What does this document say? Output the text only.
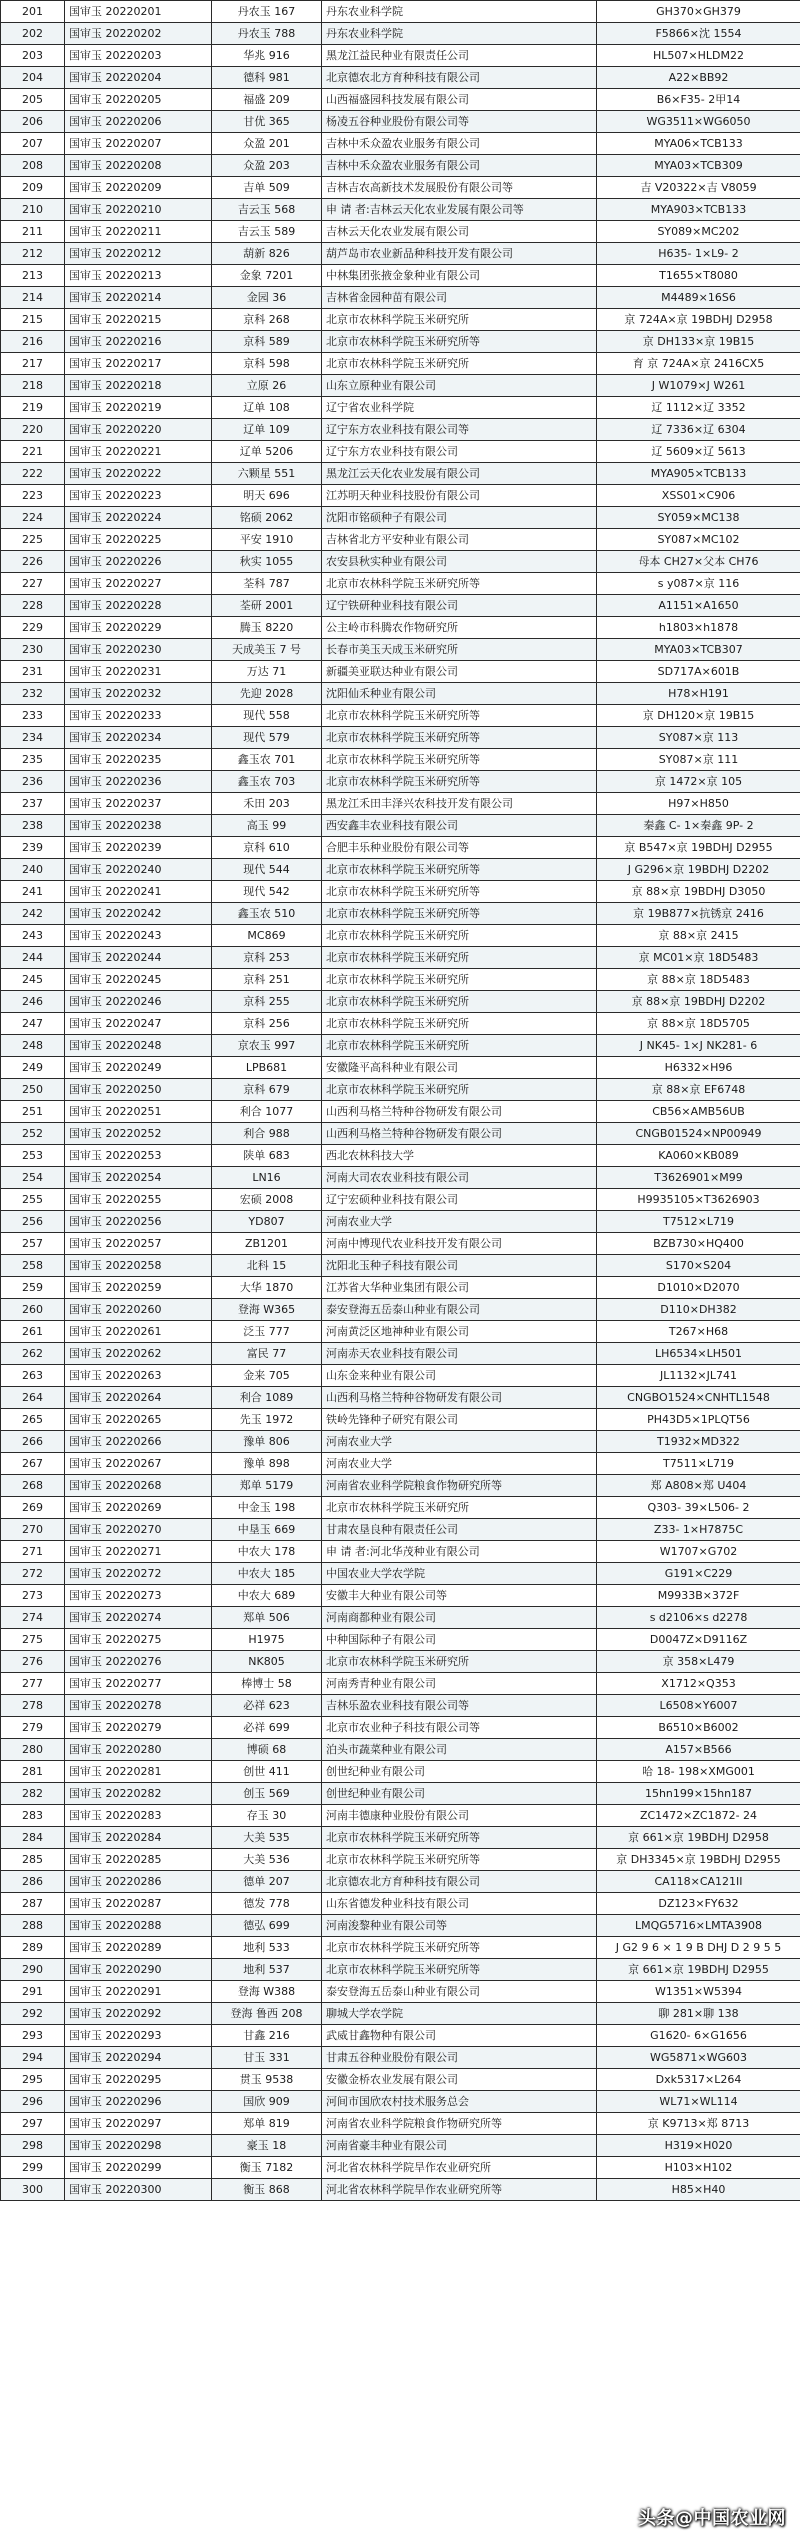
201	国审玉 20220201	丹农玉 167	丹东农业科学院	GH370×GH379
202	国审玉 20220202	丹农玉 788	丹东农业科学院	F5866×沈 1554
203	国审玉 20220203	华兆 916	黑龙江益民种业有限责任公司	HL507×HLDM22
204	国审玉 20220204	德科 981	北京德农北方育种科技有限公司	A22×BB92
205	国审玉 20220205	福盛 209	山西福盛园科技发展有限公司	B6×F35- 2甲14
206	国审玉 20220206	甘优 365	杨凌五谷种业股份有限公司等	WG3511×WG6050
207	国审玉 20220207	众盈 201	吉林中禾众盈农业服务有限公司	MYA06×TCB133
208	国审玉 20220208	众盈 203	吉林中禾众盈农业服务有限公司	MYA03×TCB309
209	国审玉 20220209	吉单 509	吉林吉农高新技术发展股份有限公司等	吉 V20322×吉 V8059
210	国审玉 20220210	吉云玉 568	申 请 者:吉林云天化农业发展有限公司等	MYA903×TCB133
211	国审玉 20220211	吉云玉 589	吉林云天化农业发展有限公司	SY089×MC202
212	国审玉 20220212	葫新 826	葫芦岛市农业新品种科技开发有限公司	H635- 1×L9- 2
213	国审玉 20220213	金象 7201	中林集团张掖金象种业有限公司	T1655×T8080
214	国审玉 20220214	金园 36	吉林省金园种苗有限公司	M4489×16S6
215	国审玉 20220215	京科 268	北京市农林科学院玉米研究所	京 724A×京 19BDHJ D2958
216	国审玉 20220216	京科 589	北京市农林科学院玉米研究所等	京 DH133×京 19B15
217	国审玉 20220217	京科 598	北京市农林科学院玉米研究所	育 京 724A×京 2416CX5
218	国审玉 20220218	立原 26	山东立原种业有限公司	J W1079×J W261
219	国审玉 20220219	辽单 108	辽宁省农业科学院	辽 1112×辽 3352
220	国审玉 20220220	辽单 109	辽宁东方农业科技有限公司等	辽 7336×辽 6304
221	国审玉 20220221	辽单 5206	辽宁东方农业科技有限公司	辽 5609×辽 5613
222	国审玉 20220222	六颗星 551	黑龙江云天化农业发展有限公司	MYA905×TCB133
223	国审玉 20220223	明天 696	江苏明天种业科技股份有限公司	XSS01×C906
224	国审玉 20220224	铭硕 2062	沈阳市铭硕种子有限公司	SY059×MC138
225	国审玉 20220225	平安 1910	吉林省北方平安种业有限公司	SY087×MC102
226	国审玉 20220226	秋实 1055	农安县秋实种业有限公司	母本 CH27×父本 CH76
227	国审玉 20220227	荃科 787	北京市农林科学院玉米研究所等	s y087×京 116
228	国审玉 20220228	荃研 2001	辽宁铁研种业科技有限公司	A1151×A1650
229	国审玉 20220229	腾玉 8220	公主岭市科腾农作物研究所	h1803×h1878
230	国审玉 20220230	天成美玉 7 号	长春市美玉天成玉米研究所	MYA03×TCB307
231	国审玉 20220231	万达 71	新疆美亚联达种业有限公司	SD717A×601B
232	国审玉 20220232	先迎 2028	沈阳仙禾种业有限公司	H78×H191
233	国审玉 20220233	现代 558	北京市农林科学院玉米研究所等	京 DH120×京 19B15
234	国审玉 20220234	现代 579	北京市农林科学院玉米研究所等	SY087×京 113
235	国审玉 20220235	鑫玉农 701	北京市农林科学院玉米研究所等	SY087×京 111
236	国审玉 20220236	鑫玉农 703	北京市农林科学院玉米研究所等	京 1472×京 105
237	国审玉 20220237	禾田 203	黑龙江禾田丰泽兴农科技开发有限公司	H97×H850
238	国审玉 20220238	高玉 99	西安鑫丰农业科技有限公司	秦鑫 C- 1×秦鑫 9P- 2
239	国审玉 20220239	京科 610	合肥丰乐种业股份有限公司等	京 B547×京 19BDHJ D2955
240	国审玉 20220240	现代 544	北京市农林科学院玉米研究所等	J G296×京 19BDHJ D2202
241	国审玉 20220241	现代 542	北京市农林科学院玉米研究所等	京 88×京 19BDHJ D3050
242	国审玉 20220242	鑫玉农 510	北京市农林科学院玉米研究所等	京 19B877×抗锈京 2416
243	国审玉 20220243	MC869	北京市农林科学院玉米研究所	京 88×京 2415
244	国审玉 20220244	京科 253	北京市农林科学院玉米研究所	京 MC01×京 18D5483
245	国审玉 20220245	京科 251	北京市农林科学院玉米研究所	京 88×京 18D5483
246	国审玉 20220246	京科 255	北京市农林科学院玉米研究所	京 88×京 19BDHJ D2202
247	国审玉 20220247	京科 256	北京市农林科学院玉米研究所	京 88×京 18D5705
248	国审玉 20220248	京农玉 997	北京市农林科学院玉米研究所	J NK45- 1×J NK281- 6
249	国审玉 20220249	LPB681	安徽隆平高科种业有限公司	H6332×H96
250	国审玉 20220250	京科 679	北京市农林科学院玉米研究所	京 88×京 EF6748
251	国审玉 20220251	利合 1077	山西利马格兰特种谷物研发有限公司	CB56×AMB56UB
252	国审玉 20220252	利合 988	山西利马格兰特种谷物研发有限公司	CNGB01524×NP00949
253	国审玉 20220253	陕单 683	西北农林科技大学	KA060×KB089
254	国审玉 20220254	LN16	河南大司农农业科技有限公司	T3626901×M99
255	国审玉 20220255	宏硕 2008	辽宁宏硕种业科技有限公司	H9935105×T3626903
256	国审玉 20220256	YD807	河南农业大学	T7512×L719
257	国审玉 20220257	ZB1201	河南中博现代农业科技开发有限公司	BZB730×HQ400
258	国审玉 20220258	北科 15	沈阳北玉种子科技有限公司	S170×S204
259	国审玉 20220259	大华 1870	江苏省大华种业集团有限公司	D1010×D2070
260	国审玉 20220260	登海 W365	泰安登海五岳泰山种业有限公司	D110×DH382
261	国审玉 20220261	泛玉 777	河南黄泛区地神种业有限公司	T267×H68
262	国审玉 20220262	富民 77	河南赤天农业科技有限公司	LH6534×LH501
263	国审玉 20220263	金来 705	山东金来种业有限公司	JL1132×JL741
264	国审玉 20220264	利合 1089	山西利马格兰特种谷物研发有限公司	CNGBO1524×CNHTL1548
265	国审玉 20220265	先玉 1972	铁岭先锋种子研究有限公司	PH43D5×1PLQT56
266	国审玉 20220266	豫单 806	河南农业大学	T1932×MD322
267	国审玉 20220267	豫单 898	河南农业大学	T7511×L719
268	国审玉 20220268	郑单 5179	河南省农业科学院粮食作物研究所等	郑 A808×郑 U404
269	国审玉 20220269	中金玉 198	北京市农林科学院玉米研究所	Q303- 39×L506- 2
270	国审玉 20220270	中垦玉 669	甘肃农垦良种有限责任公司	Z33- 1×H7875C
271	国审玉 20220271	中农大 178	申 请 者:河北华茂种业有限公司	W1707×G702
272	国审玉 20220272	中农大 185	中国农业大学农学院	G191×C229
273	国审玉 20220273	中农大 689	安徽丰大种业有限公司等	M9933B×372F
274	国审玉 20220274	郑单 506	河南商都种业有限公司	s d2106×s d2278
275	国审玉 20220275	H1975	中种国际种子有限公司	D0047Z×D9116Z
276	国审玉 20220276	NK805	北京市农林科学院玉米研究所	京 358×L479
277	国审玉 20220277	棒博士 58	河南秀青种业有限公司	X1712×Q353
278	国审玉 20220278	必祥 623	吉林乐盈农业科技有限公司等	L6508×Y6007
279	国审玉 20220279	必祥 699	北京市农业种子科技有限公司等	B6510×B6002
280	国审玉 20220280	博硕 68	泊头市蔬菜种业有限公司	A157×B566
281	国审玉 20220281	创世 411	创世纪种业有限公司	哈 18- 198×XMG001
282	国审玉 20220282	创玉 569	创世纪种业有限公司	15hn199×15hn187
283	国审玉 20220283	存玉 30	河南丰德康种业股份有限公司	ZC1472×ZC1872- 24
284	国审玉 20220284	大美 535	北京市农林科学院玉米研究所等	京 661×京 19BDHJ D2958
285	国审玉 20220285	大美 536	北京市农林科学院玉米研究所等	京 DH3345×京 19BDHJ D2955
286	国审玉 20220286	德单 207	北京德农北方育种科技有限公司	CA118×CA121II
287	国审玉 20220287	德发 778	山东省德发种业科技有限公司	DZ123×FY632
288	国审玉 20220288	德弘 699	河南浚黎种业有限公司等	LMQG5716×LMTA3908
289	国审玉 20220289	地利 533	北京市农林科学院玉米研究所等	J G2 9 6 × 1 9 B DHJ D 2 9 5 5
290	国审玉 20220290	地利 537	北京市农林科学院玉米研究所等	京 661×京 19BDHJ D2955
291	国审玉 20220291	登海 W388	泰安登海五岳泰山种业有限公司	W1351×W5394
292	国审玉 20220292	登海 鲁西 208	聊城大学农学院	聊 281×聊 138
293	国审玉 20220293	甘鑫 216	武威甘鑫物种有限公司	G1620- 6×G1656
294	国审玉 20220294	甘玉 331	甘肃五谷种业股份有限公司	WG5871×WG603
295	国审玉 20220295	贯玉 9538	安徽金桥农业发展有限公司	Dxk5317×L264
296	国审玉 20220296	国欣 909	河间市国欣农村技术服务总会	WL71×WL114
297	国审玉 20220297	郑单 819	河南省农业科学院粮食作物研究所等	京 K9713×郑 8713
298	国审玉 20220298	豪玉 18	河南省豪丰种业有限公司	H319×H020
299	国审玉 20220299	衡玉 7182	河北省农林科学院旱作农业研究所	H103×H102
300	国审玉 20220300	衡玉 868	河北省农林科学院旱作农业研究所等	H85×H40
头条@中国农业网
